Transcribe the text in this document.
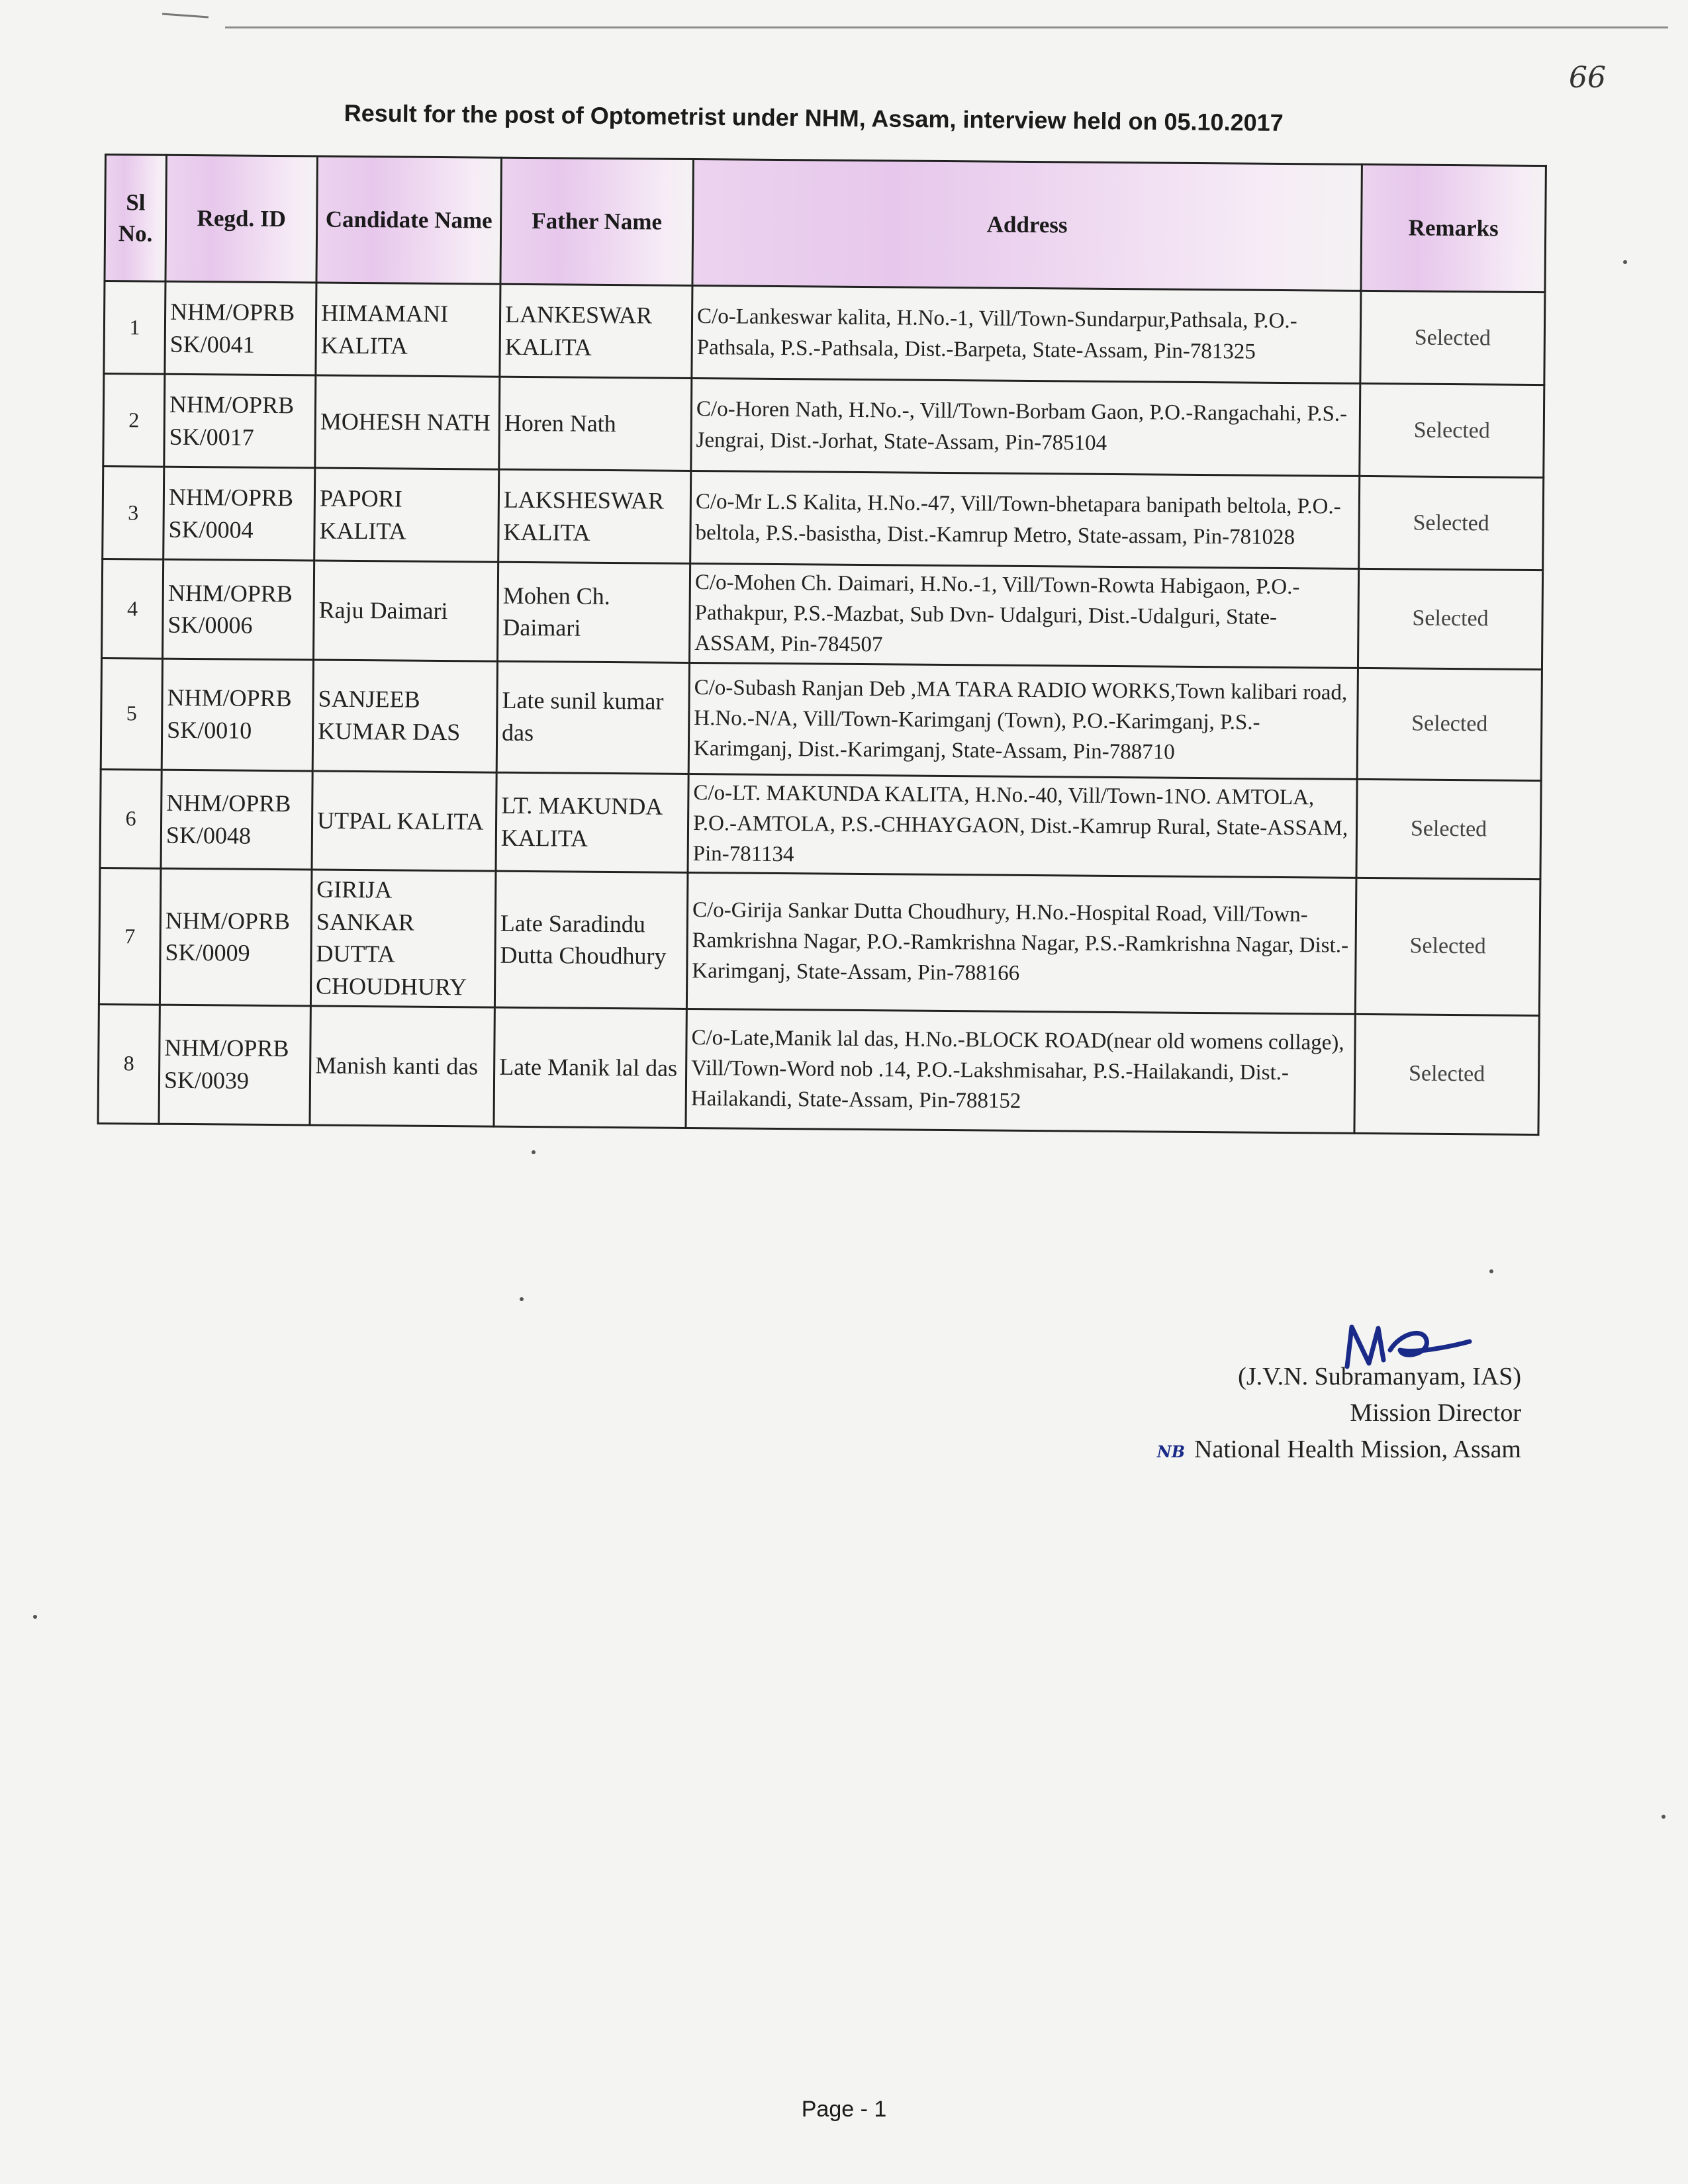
66
Result for the post of Optometrist under NHM, Assam, interview held on 05.10.2017
Sl No.	Regd. ID	Candidate Name	Father Name	Address	Remarks
1	NHM/OPRB SK/0041	HIMAMANI KALITA	LANKESWAR KALITA	C/o-Lankeswar kalita, H.No.-1, Vill/Town-Sundarpur,Pathsala, P.O.-Pathsala, P.S.-Pathsala, Dist.-Barpeta, State-Assam, Pin-781325	Selected
2	NHM/OPRB SK/0017	MOHESH NATH	Horen Nath	C/o-Horen Nath, H.No.-, Vill/Town-Borbam Gaon, P.O.-Rangachahi, P.S.-Jengrai, Dist.-Jorhat, State-Assam, Pin-785104	Selected
3	NHM/OPRB SK/0004	PAPORI KALITA	LAKSHESWAR KALITA	C/o-Mr L.S Kalita, H.No.-47, Vill/Town-bhetapara banipath beltola, P.O.-beltola, P.S.-basistha, Dist.-Kamrup Metro, State-assam, Pin-781028	Selected
4	NHM/OPRB SK/0006	Raju Daimari	Mohen Ch. Daimari	C/o-Mohen Ch. Daimari, H.No.-1, Vill/Town-Rowta Habigaon, P.O.-Pathakpur, P.S.-Mazbat, Sub Dvn- Udalguri, Dist.-Udalguri, State-ASSAM, Pin-784507	Selected
5	NHM/OPRB SK/0010	SANJEEB KUMAR DAS	Late sunil kumar das	C/o-Subash Ranjan Deb ,MA TARA RADIO WORKS,Town kalibari road, H.No.-N/A, Vill/Town-Karimganj (Town), P.O.-Karimganj, P.S.-Karimganj, Dist.-Karimganj, State-Assam, Pin-788710	Selected
6	NHM/OPRB SK/0048	UTPAL KALITA	LT. MAKUNDA KALITA	C/o-LT. MAKUNDA KALITA, H.No.-40, Vill/Town-1NO. AMTOLA, P.O.-AMTOLA, P.S.-CHHAYGAON, Dist.-Kamrup Rural, State-ASSAM, Pin-781134	Selected
7	NHM/OPRB SK/0009	GIRIJA SANKAR DUTTA CHOUDHURY	Late Saradindu Dutta Choudhury	C/o-Girija Sankar Dutta Choudhury, H.No.-Hospital Road, Vill/Town-Ramkrishna Nagar, P.O.-Ramkrishna Nagar, P.S.-Ramkrishna Nagar, Dist.-Karimganj, State-Assam, Pin-788166	Selected
8	NHM/OPRB SK/0039	Manish kanti das	Late Manik lal das	C/o-Late,Manik lal das, H.No.-BLOCK ROAD(near old womens collage), Vill/Town-Word nob .14, P.O.-Lakshmisahar, P.S.-Hailakandi, Dist.-Hailakandi, State-Assam, Pin-788152	Selected
(J.V.N. Subramanyam, IAS)
Mission Director
NB National Health Mission, Assam
Page - 1
